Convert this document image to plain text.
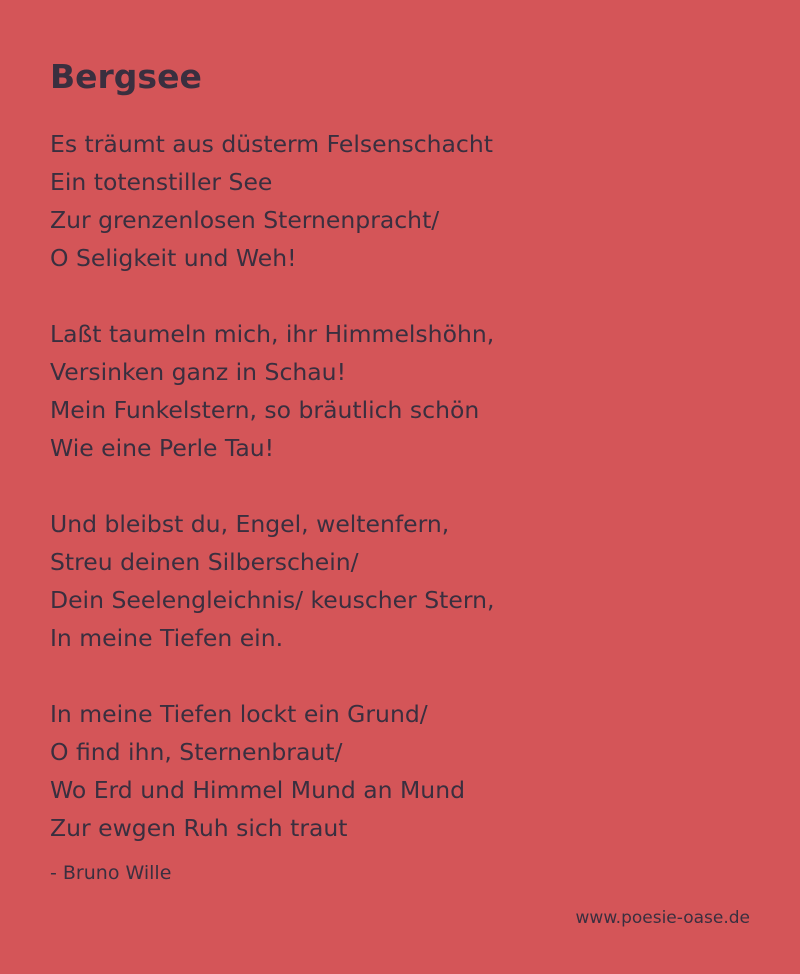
Bergsee
Es träumt aus düsterm Felsenschacht
Ein totenstiller See
Zur grenzenlosen Sternenpracht/
O Seligkeit und Weh!
Laßt taumeln mich, ihr Himmelshöhn,
Versinken ganz in Schau!
Mein Funkelstern, so bräutlich schön
Wie eine Perle Tau!
Und bleibst du, Engel, weltenfern,
Streu deinen Silberschein/
Dein Seelengleichnis/ keuscher Stern,
In meine Tiefen ein.
In meine Tiefen lockt ein Grund/
O find ihn, Sternenbraut/
Wo Erd und Himmel Mund an Mund
Zur ewgen Ruh sich traut
- Bruno Wille
www.poesie-oase.de
